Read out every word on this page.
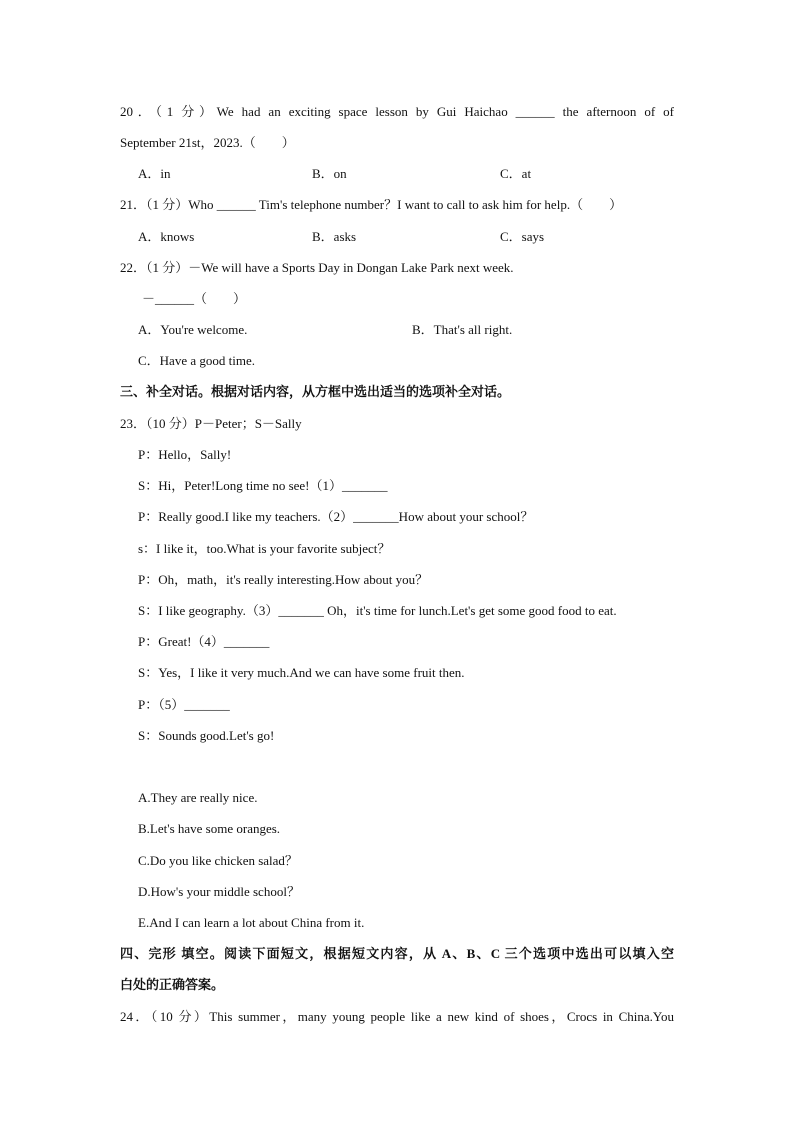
20．（1 分）We had an exciting space lesson by Gui Haichao ______ the afternoon of of
September 21st，2023.（　　）
A．in	B．on	C．at
21．（1 分）Who ______ Tim's telephone number？I want to call to ask him for help.（　　）
A．knows	B．asks	C．says
22．（1 分）－We will have a Sports Day in Dongan Lake Park next week.
－______（　　）
A．You're welcome.	B．That's all right.
C．Have a good time.
三、补全对话。根据对话内容，从方框中选出适当的选项补全对话。
23．（10 分）P－Peter；S－Sally
P：Hello，Sally!
S：Hi，Peter!Long time no see!（1）_______
P：Really good.I like my teachers.（2）_______How about your school？
s：I like it，too.What is your favorite subject？
P：Oh，math，it's really interesting.How about you？
S：I like geography.（3）_______ Oh，it's time for lunch.Let's get some good food to eat.
P：Great!（4）_______
S：Yes，I like it very much.And we can have some fruit then.
P：（5）_______
S：Sounds good.Let's go!
A.They are really nice.
B.Let's have some oranges.
C.Do you like chicken salad？
D.How's your middle school？
E.And I can learn a lot about China from it.
四、完形 填空。阅读下面短文，根据短文内容，从 A、B、C 三个选项中选出可以填入空
白处的正确答案。
24．（10 分）This summer，many young people like a new kind of shoes，Crocs in China.You
